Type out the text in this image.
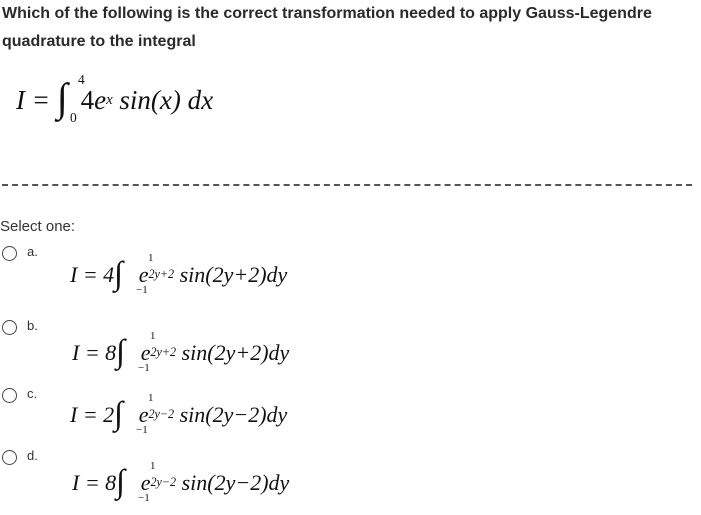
Which of the following is the correct transformation needed to apply Gauss-Legendre quadrature to the integral
I = ∫ 4
0
$4e^x$ sin(x) dx
Select one:
a.
I = 4∫ 1
−1
$e^{2y+2}$ sin(2y+2)dy
b.
I = 8∫ 1
−1
$e^{2y+2}$ sin(2y+2)dy
c.
I = 2∫ 1
−1
$e^{2y-2}$ sin(2y−2)dy
d.
I = 8∫ 1
−1
$e^{2y-2}$ sin(2y−2)dy
